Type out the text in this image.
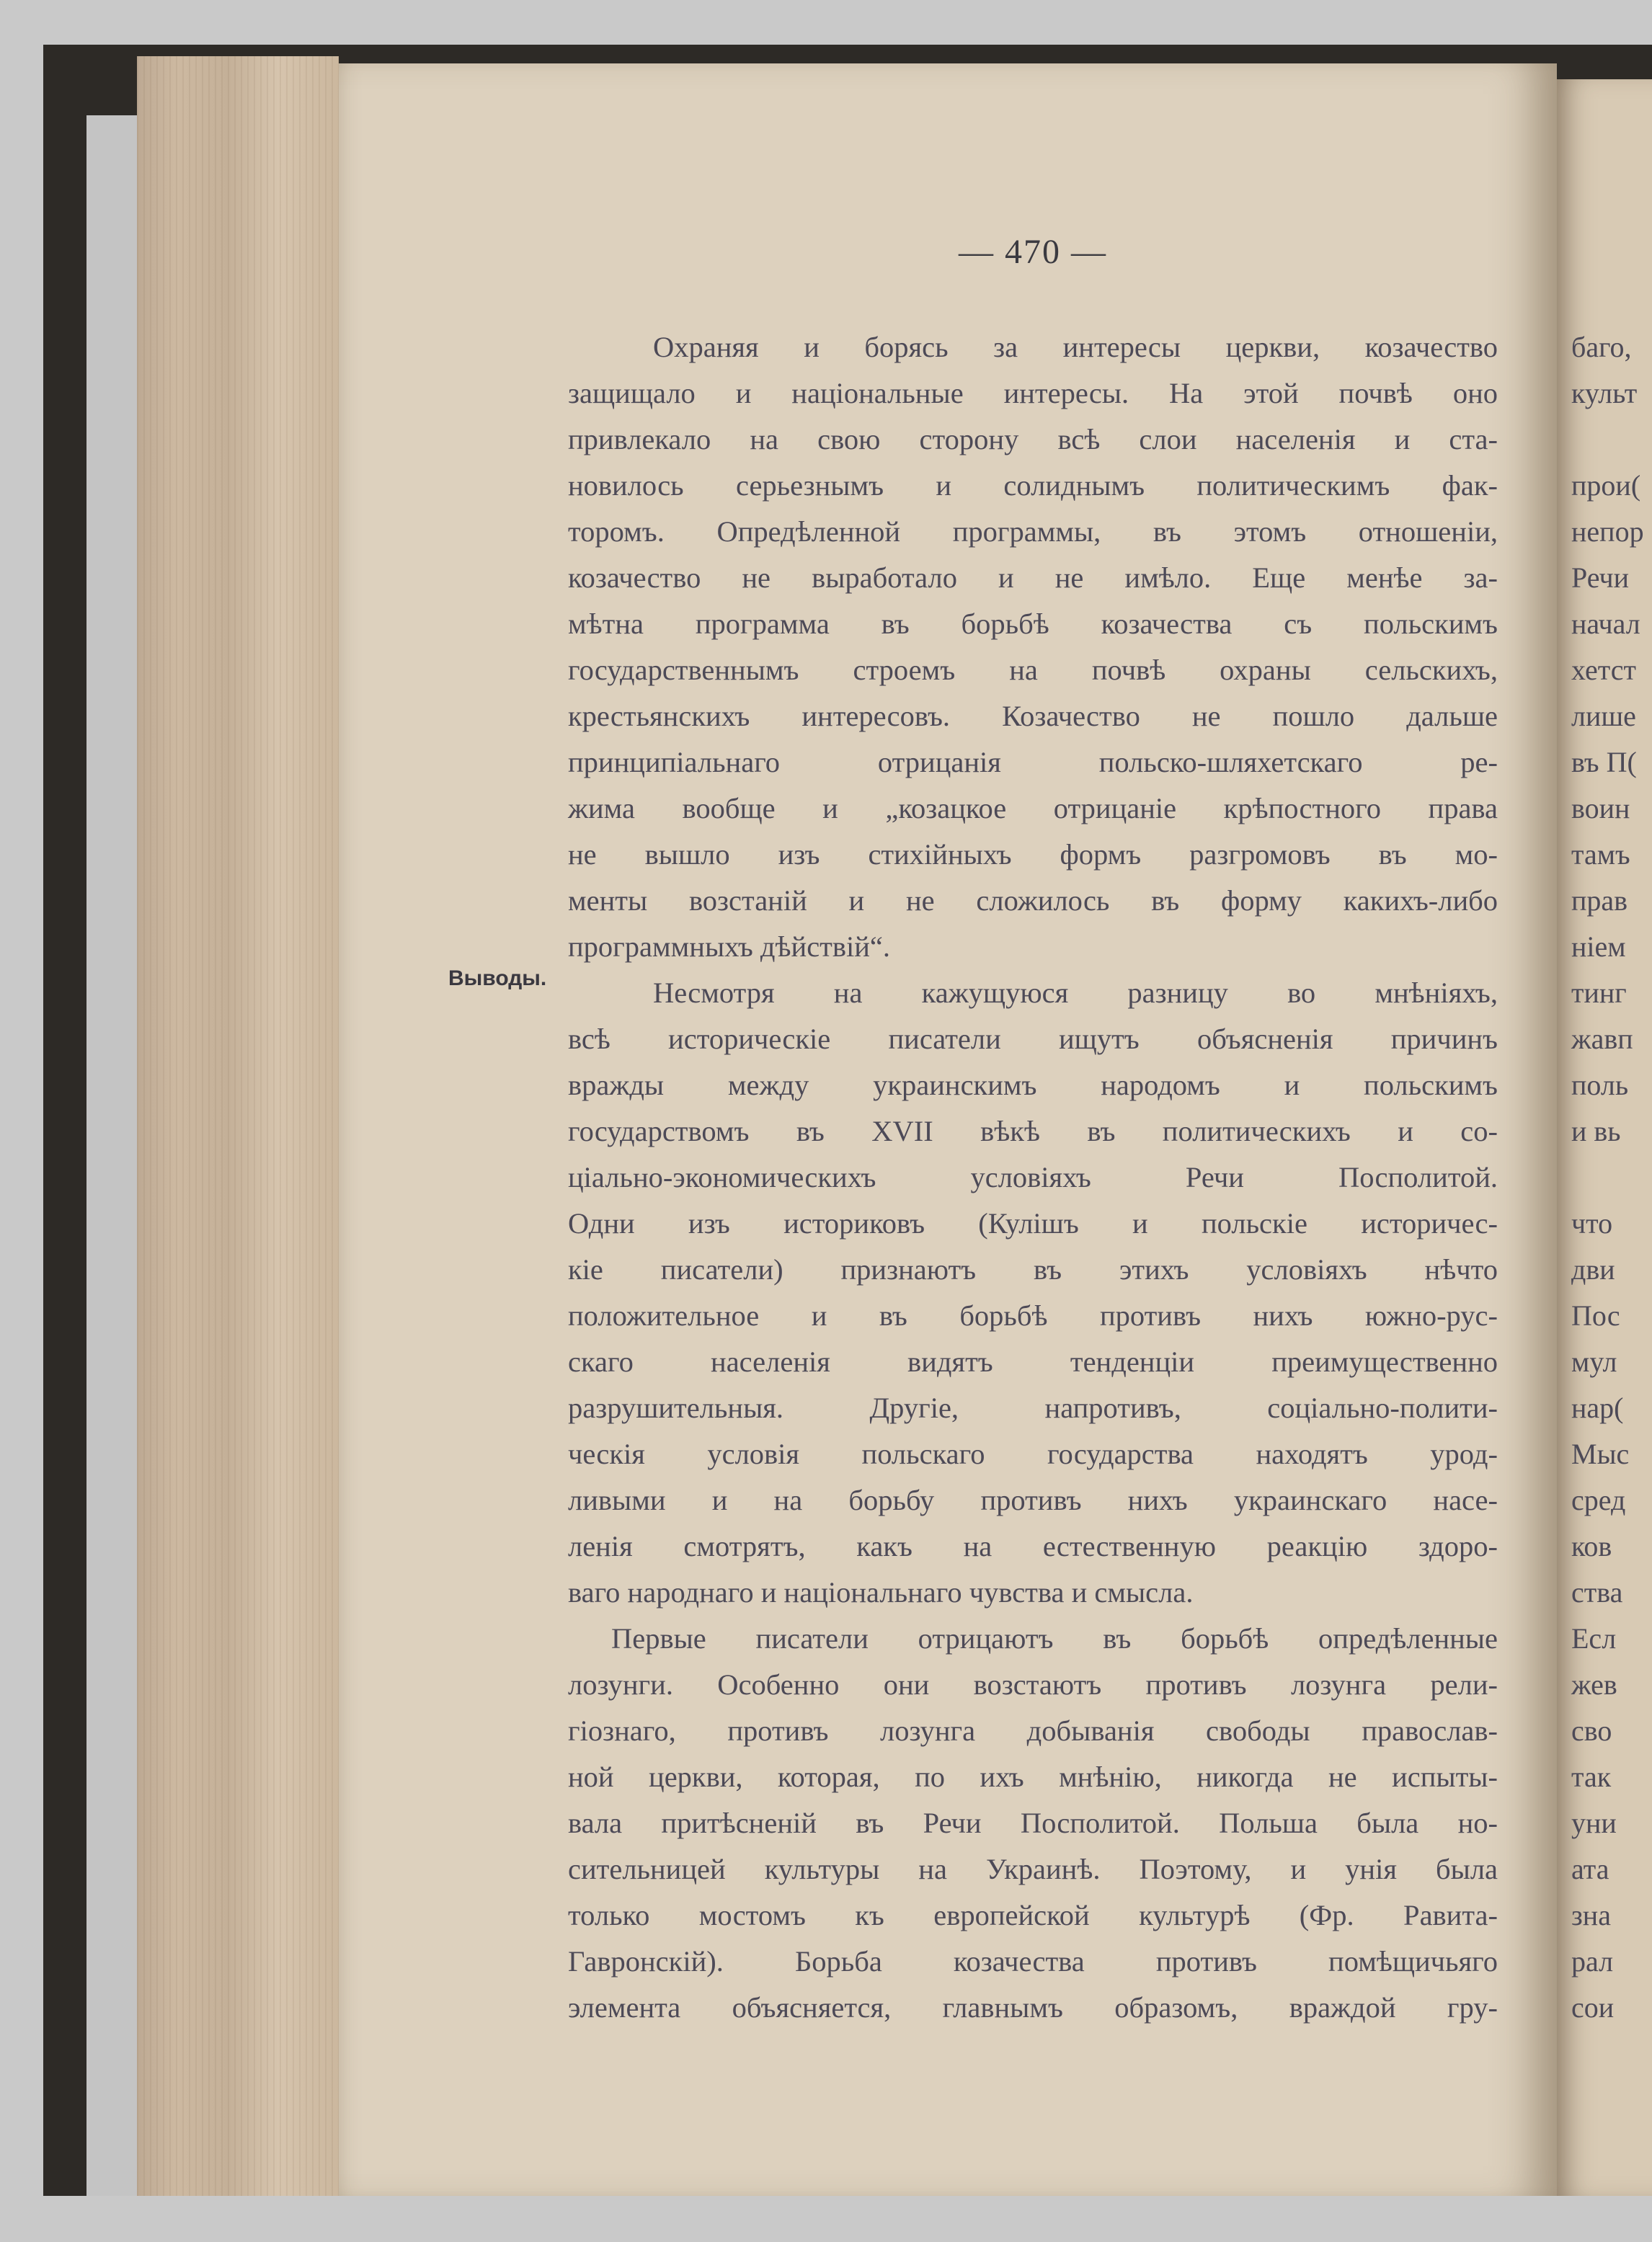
баго,
культ
прои(
непор
Речи
начал
хетст
лише
въ П(
воин
тамъ
прав
ніем
тинг
жавп
поль
и вь
что
дви
Пос
мул
нар(
Мыс
сред
ков
ства
Есл
жев
сво
так
уни
ата
зна
рал
сои
— 470 —
Выводы.

Охраняя и борясь за интересы церкви, козачество

защищало и національные интересы. На этой почвѣ оно

привлекало на свою сторону всѣ слои населенія и ста-

новилось серьезнымъ и солиднымъ политическимъ фак-

торомъ. Опредѣленной программы, въ этомъ отношеніи,

козачество не выработало и не имѣло. Еще менѣе за-

мѣтна программа въ борьбѣ козачества съ польскимъ

государственнымъ строемъ на почвѣ охраны сельскихъ,

крестьянскихъ интересовъ. Козачество не пошло дальше

принципіальнаго отрицанія польско-шляхетскаго ре-

жима вообще и „козацкое отрицаніе крѣпостного права

не вышло изъ стихійныхъ формъ разгромовъ въ мо-

менты возстаній и не сложилось въ форму какихъ-либо

программныхъ дѣйствій“.

Несмотря на кажущуюся разницу во мнѣніяхъ,

всѣ историческіе писатели ищутъ объясненія причинъ

вражды между украинскимъ народомъ и польскимъ

государствомъ въ XVII вѣкѣ въ политическихъ и со-

ціально-экономическихъ условіяхъ Речи Посполитой.

Одни изъ историковъ (Кулішъ и польскіе историчес-

кіе писатели) признаютъ въ этихъ условіяхъ нѣчто

положительное и въ борьбѣ противъ нихъ южно-рус-

скаго населенія видятъ тенденціи преимущественно

разрушительныя. Другіе, напротивъ, соціально-полити-

ческія условія польскаго государства находятъ урод-

ливыми и на борьбу противъ нихъ украинскаго насе-

ленія смотрятъ, какъ на естественную реакцію здоро-

ваго народнаго и національнаго чувства и смысла.

Первые писатели отрицаютъ въ борьбѣ опредѣленные

лозунги. Особенно они возстаютъ противъ лозунга рели-

гіознаго, противъ лозунга добыванія свободы православ-

ной церкви, которая, по ихъ мнѣнію, никогда не испыты-

вала притѣсненій въ Речи Посполитой. Польша была но-

сительницей культуры на Украинѣ. Поэтому, и унія была

только мостомъ къ европейской культурѣ (Фр. Равита-

Гавронскій). Борьба козачества противъ помѣщичьяго

элемента объясняется, главнымъ образомъ, враждой гру-
